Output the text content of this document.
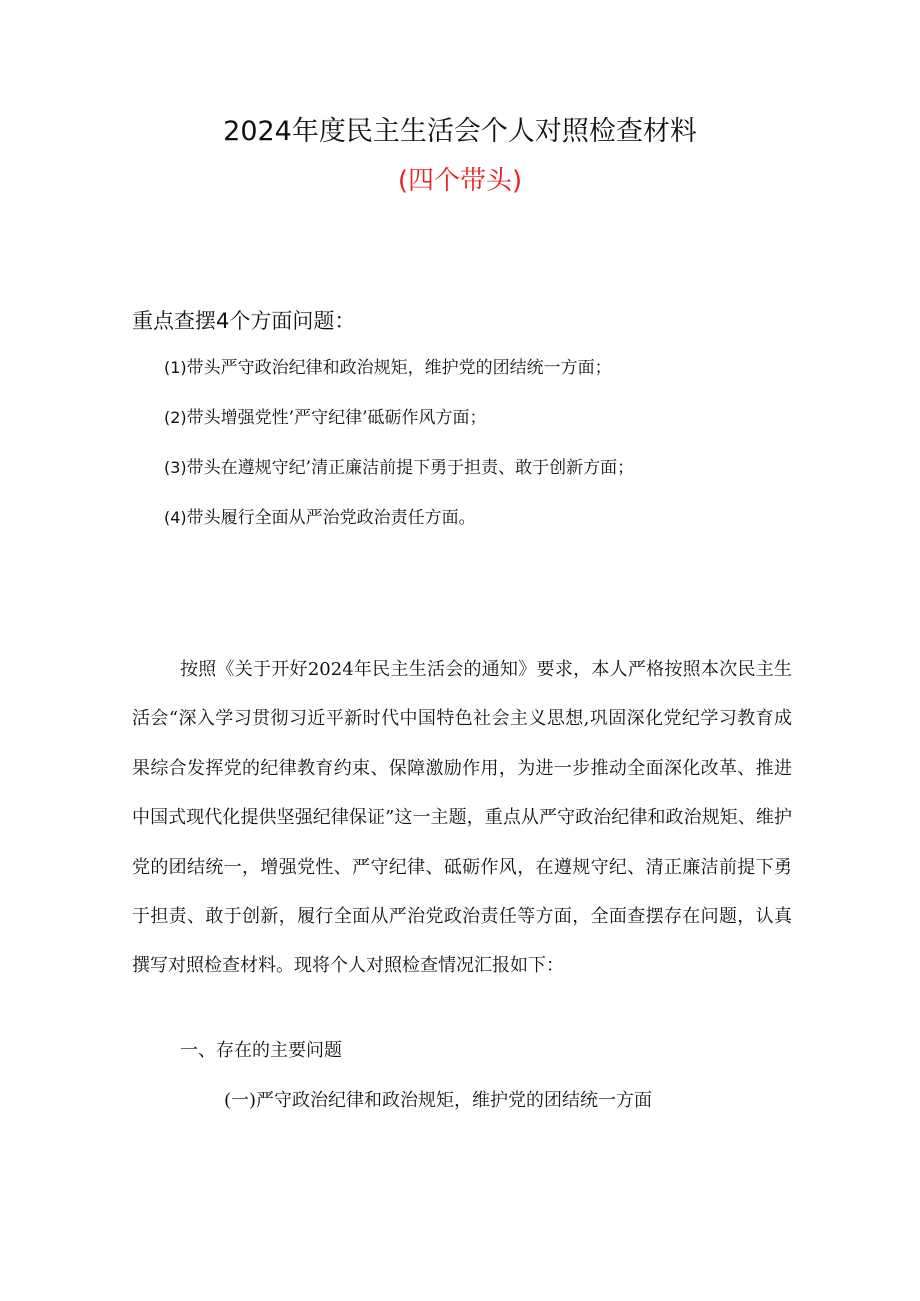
2024年度民主生活会个人对照检查材料
(四个带头)
重点查摆4个方面问题：
(1)带头严守政治纪律和政治规矩，维护党的团结统一方面；
(2)带头增强党性’严守纪律’砥砺作风方面；
(3)带头在遵规守纪’清正廉洁前提下勇于担责、敢于创新方面；
(4)带头履行全面从严治党政治责任方面。

按照《关于开好2024年民主生活会的通知》要求，本人严格按照本次民主生活会“深入学习贯彻习近平新时代中国特色社会主义思想,巩固深化党纪学习教育成果综合发挥党的纪律教育约束、保障激励作用，为进一步推动全面深化改革、推进中国式现代化提供坚强纪律保证”这一主题，重点从严守政治纪律和政治规矩、维护党的团结统一，增强党性、严守纪律、砥砺作风，在遵规守纪、清正廉洁前提下勇于担责、敢于创新，履行全面从严治党政治责任等方面，全面查摆存在问题，认真撰写对照检查材料。现将个人对照检查情况汇报如下：

一、存在的主要问题
(一)严守政治纪律和政治规矩，维护党的团结统一方面
